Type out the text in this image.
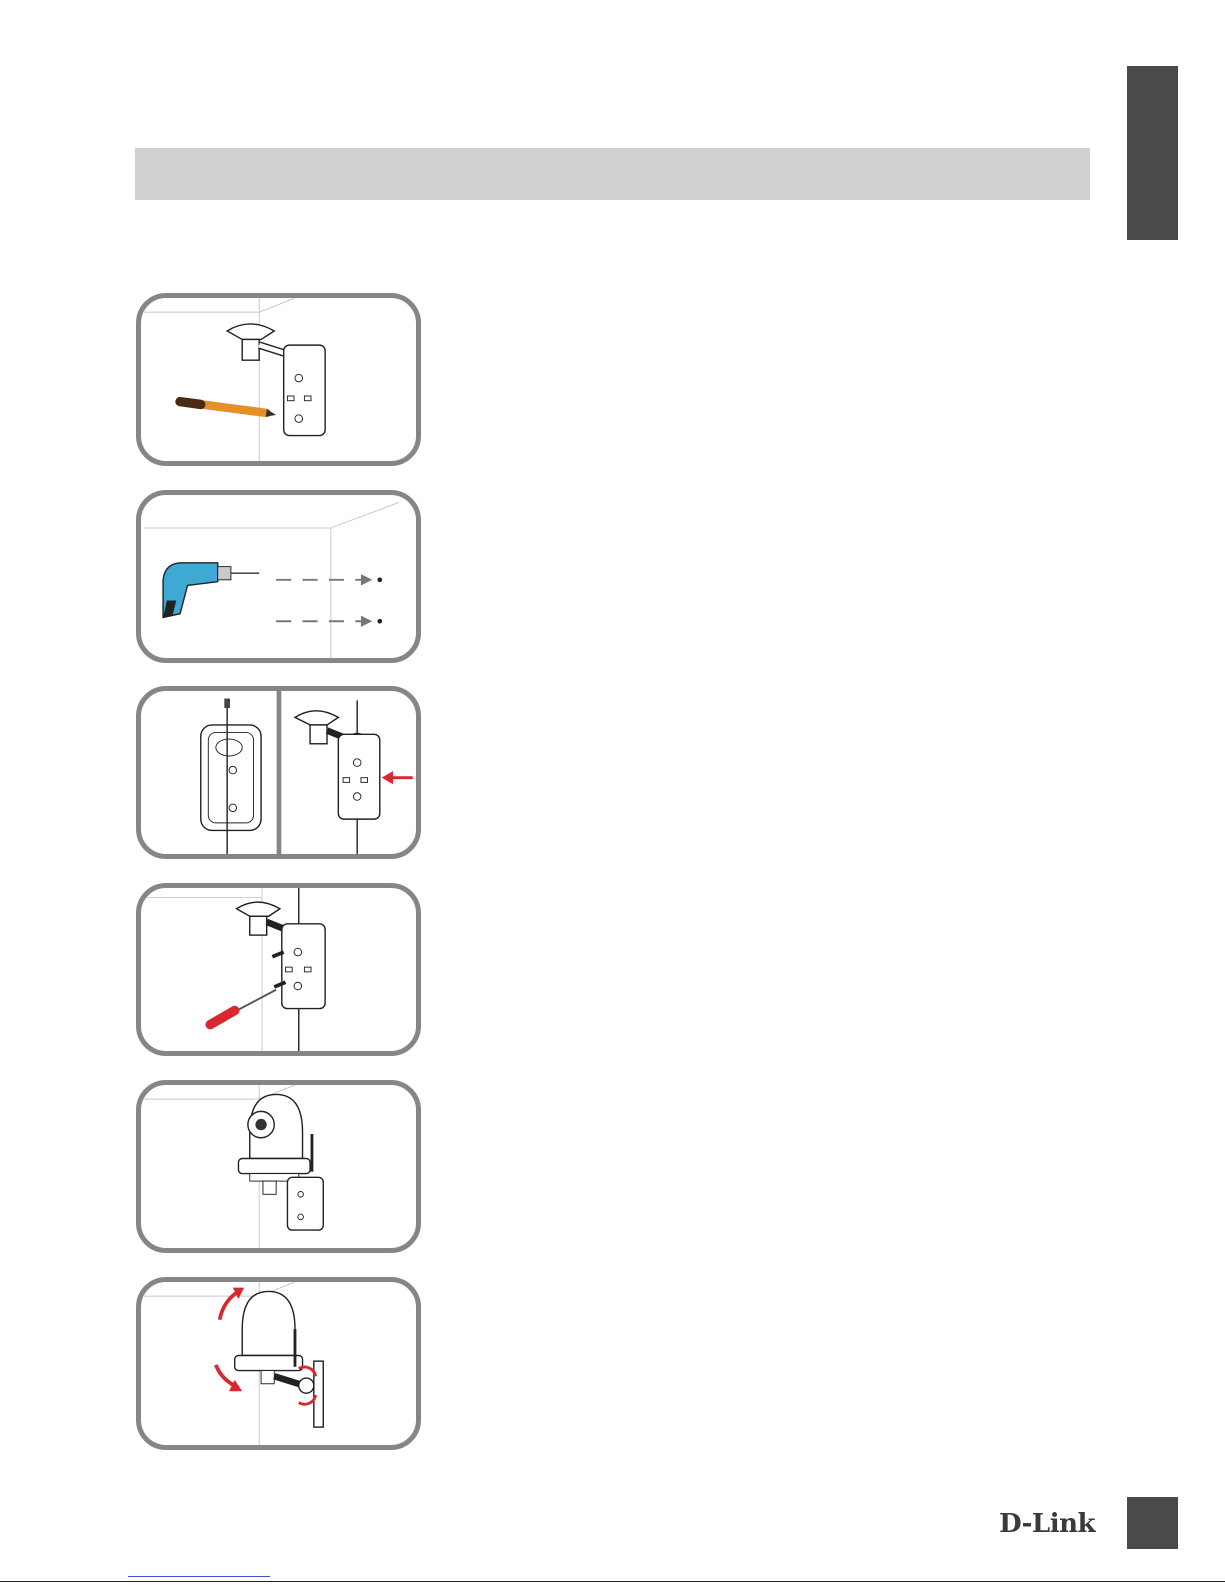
D-Link
